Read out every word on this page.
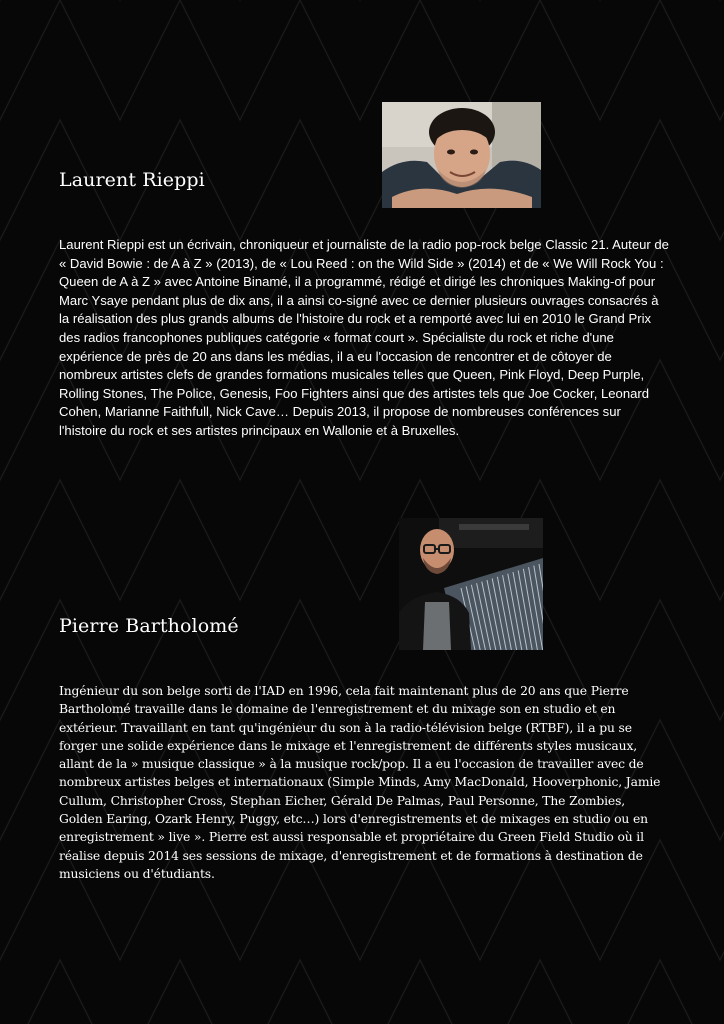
Laurent Rieppi

Laurent Rieppi est un écrivain, chroniqueur et journaliste de la radio pop-rock belge Classic 21. Auteur de « David Bowie : de A à Z » (2013), de « Lou Reed : on the Wild Side » (2014) et de « We Will Rock You : Queen de A à Z » avec Antoine Binamé, il a programmé, rédigé et dirigé les chroniques Making-of pour Marc Ysaye pendant plus de dix ans, il a ainsi co-signé avec ce dernier plusieurs ouvrages consacrés à la réalisation des plus grands albums de l'histoire du rock et a remporté avec lui en 2010 le Grand Prix des radios francophones publiques catégorie « format court ». Spécialiste du rock et riche d'une expérience de près de 20 ans dans les médias, il a eu l'occasion de rencontrer et de côtoyer de nombreux artistes clefs de grandes formations musicales telles que Queen, Pink Floyd, Deep Purple, Rolling Stones, The Police, Genesis, Foo Fighters ainsi que des artistes tels que Joe Cocker, Leonard Cohen, Marianne Faithfull, Nick Cave… Depuis 2013, il propose de nombreuses conférences sur l'histoire du rock et ses artistes principaux en Wallonie et à Bruxelles.

Pierre Bartholomé

Ingénieur du son belge sorti de l'IAD en 1996, cela fait maintenant plus de 20 ans que Pierre Bartholomé travaille dans le domaine de l'enregistrement et du mixage son en studio et en extérieur. Travaillant en tant qu'ingénieur du son à la radio-télévision belge (RTBF), il a pu se forger une solide expérience dans le mixage et l'enregistrement de différents styles musicaux, allant de la » musique classique » à la musique rock/pop. Il a eu l'occasion de travailler avec de nombreux artistes belges et internationaux (Simple Minds, Amy MacDonald, Hooverphonic, Jamie Cullum, Christopher Cross, Stephan Eicher, Gérald De Palmas, Paul Personne, The Zombies, Golden Earing, Ozark Henry, Puggy, etc…) lors d'enregistrements et de mixages en studio ou en enregistrement » live ». Pierre est aussi responsable et propriétaire du Green Field Studio où il réalise depuis 2014 ses sessions de mixage, d'enregistrement et de formations à destination de musiciens ou d'étudiants.
